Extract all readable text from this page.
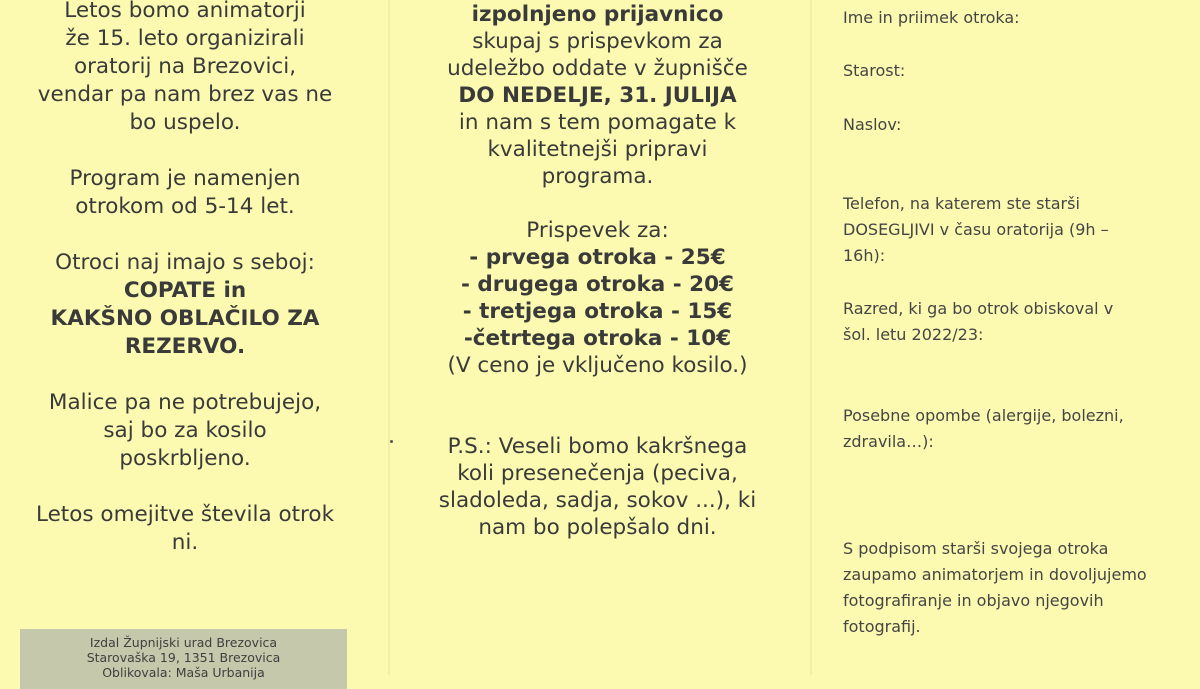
Letos bomo animatorji
že 15. leto organizirali
oratorij na Brezovici,
vendar pa nam brez vas ne
bo uspelo.
Program je namenjen
otrokom od 5-14 let.
Otroci naj imajo s seboj:
COPATE in
KAKŠNO OBLAČILO ZA
REZERVO.
Malice pa ne potrebujejo,
saj bo za kosilo
poskrbljeno.
Letos omejitve števila otrok
ni.
Izdal Župnijski urad Brezovica
Starovaška 19, 1351 Brezovica
Oblikovala: Maša Urbanija
izpolnjeno prijavnico
skupaj s prispevkom za
udeležbo oddate v župnišče
DO NEDELJE, 31. JULIJA
in nam s tem pomagate k
kvalitetnejši pripravi
programa.
Prispevek za:
- prvega otroka - 25€
- drugega otroka - 20€
- tretjega otroka - 15€
-četrtega otroka - 10€
(V ceno je vključeno kosilo.)
P.S.: Veseli bomo kakršnega
koli presenečenja (peciva,
sladoleda, sadja, sokov ...), ki
nam bo polepšalo dni.
Ime in priimek otroka:
Starost:
Naslov:
Telefon, na katerem ste starši
DOSEGLJIVI v času oratorija (9h –
16h):
Razred, ki ga bo otrok obiskoval v
šol. letu 2022/23:
Posebne opombe (alergije, bolezni,
zdravila…):
S podpisom starši svojega otroka
zaupamo animatorjem in dovoljujemo
fotografiranje in objavo njegovih
fotografij.
